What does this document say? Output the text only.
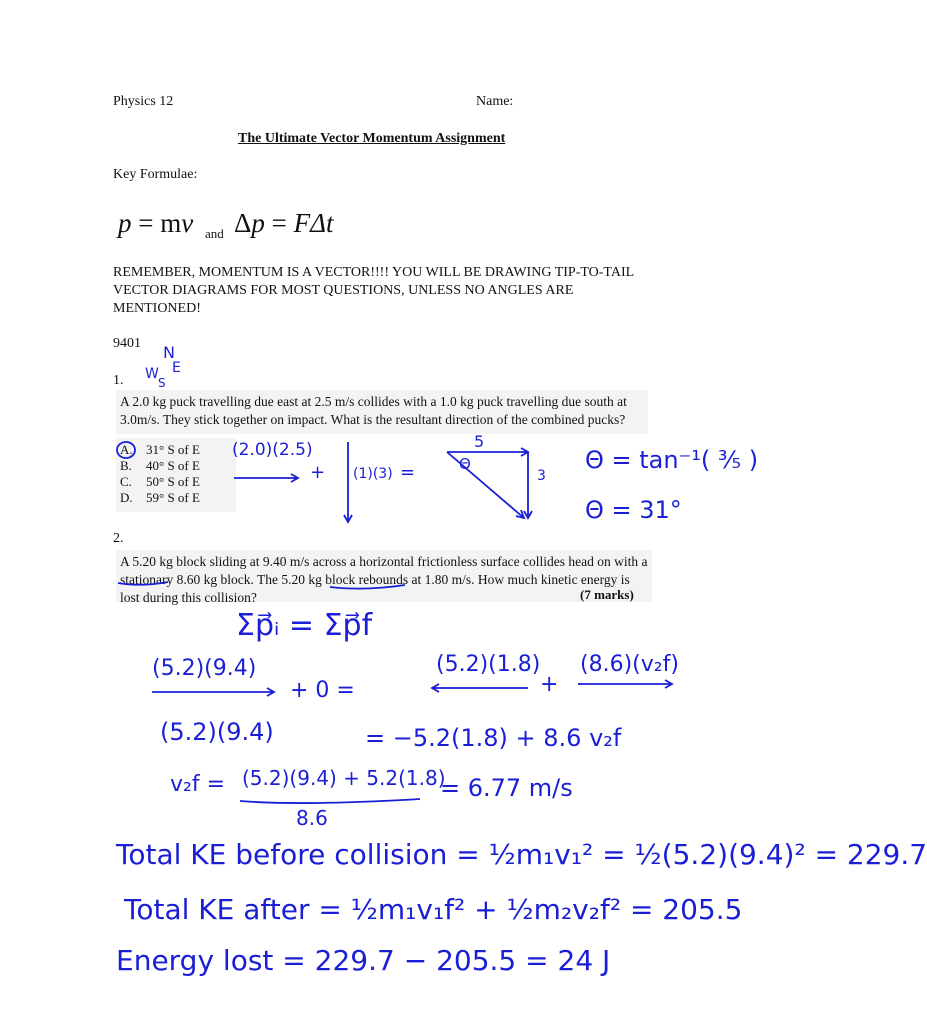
Physics 12	Name:
The Ultimate Vector Momentum Assignment
Key Formulae:
p = mv and Δp = FΔt
REMEMBER, MOMENTUM IS A VECTOR!!!! YOU WILL BE DRAWING TIP-TO-TAIL VECTOR DIAGRAMS FOR MOST QUESTIONS, UNLESS NO ANGLES ARE MENTIONED!
9401
1.
N
E
W
S
A 2.0 kg puck travelling due east at 2.5 m/s collides with a 1.0 kg puck travelling due south at 3.0m/s. They stick together on impact. What is the resultant direction of the combined pucks?
A. 31° S of E
B. 40° S of E
C. 50° S of E
D. 59° S of E
(2.0)(2.5)
+ (1)(3) =
5
3
Θ	Θ = tan⁻¹( ³⁄₅ )
Θ = 31°
2.
A 5.20 kg block sliding at 9.40 m/s across a horizontal frictionless surface collides head on with a stationary 8.60 kg block. The 5.20 kg block rebounds at 1.80 m/s. How much kinetic energy is lost during this collision?	(7 marks)
Σp⃗ᵢ = Σp⃗f
(5.2)(9.4)
+ 0 =
(5.2)(1.8)
+
(8.6)(v₂f)
(5.2)(9.4)	= −5.2(1.8) + 8.6 v₂f
v₂f = (5.2)(9.4) + 5.2(1.8)
8.6
= 6.77 m/s
Total KE before collision = ½m₁v₁² = ½(5.2)(9.4)² = 229.7
Total KE after = ½m₁v₁f² + ½m₂v₂f² = 205.5
Energy lost = 229.7 − 205.5 = 24 J
